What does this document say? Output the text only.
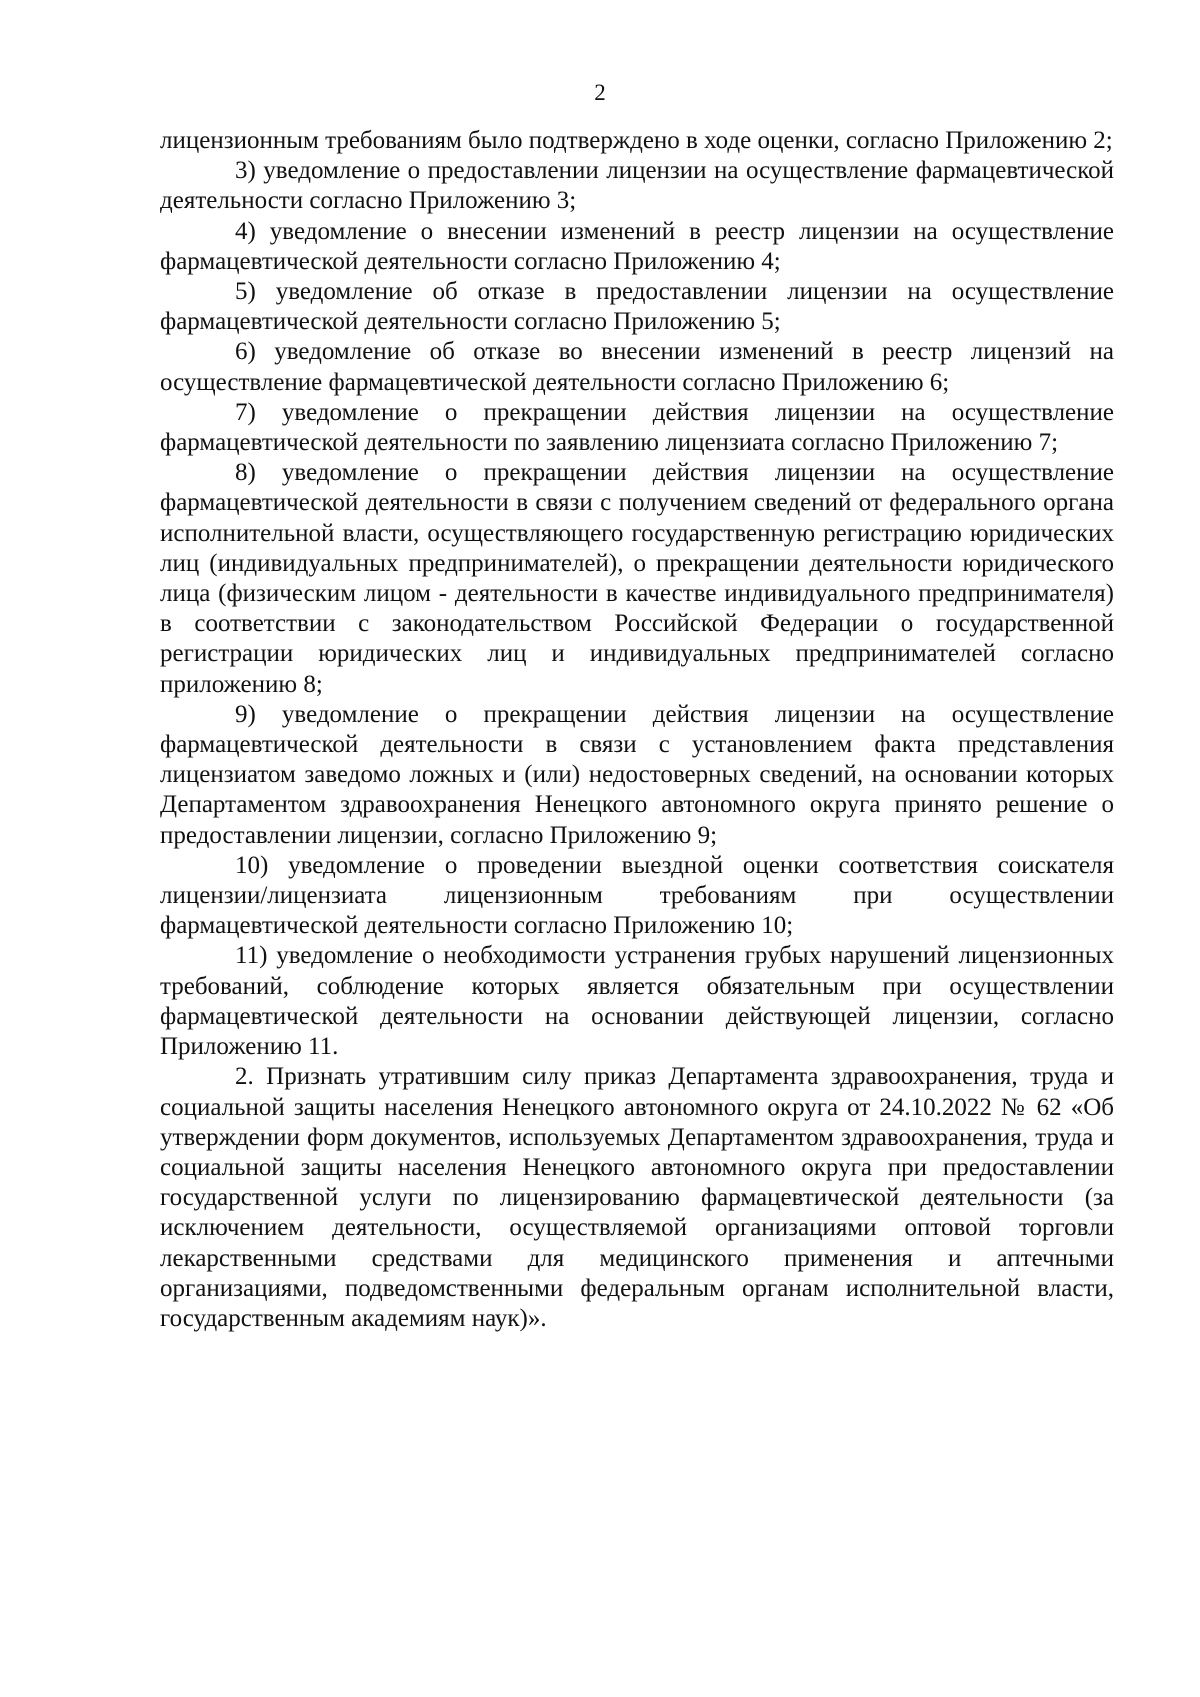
2

лицензионным требованиям было подтверждено в ходе оценки, согласно Приложению 2;

3) уведомление о предоставлении лицензии на осуществление фармацевтической деятельности согласно Приложению 3;

4) уведомление о внесении изменений в реестр лицензии на осуществление фармацевтической деятельности согласно Приложению 4;

5) уведомление об отказе в предоставлении лицензии на осуществление фармацевтической деятельности согласно Приложению 5;

6) уведомление об отказе во внесении изменений в реестр лицензий на осуществление фармацевтической деятельности согласно Приложению 6;

7) уведомление о прекращении действия лицензии на осуществление фармацевтической деятельности по заявлению лицензиата согласно Приложению 7;

8) уведомление о прекращении действия лицензии на осуществление фармацевтической деятельности в связи с получением сведений от федерального органа исполнительной власти, осуществляющего государственную регистрацию юридических лиц (индивидуальных предпринимателей), о прекращении деятельности юридического лица (физическим лицом - деятельности в качестве индивидуального предпринимателя) в соответствии с законодательством Российской Федерации о государственной регистрации юридических лиц и индивидуальных предпринимателей согласно приложению 8;

9) уведомление о прекращении действия лицензии на осуществление фармацевтической деятельности в связи с установлением факта представления лицензиатом заведомо ложных и (или) недостоверных сведений, на основании которых Департаментом здравоохранения Ненецкого автономного округа принято решение о предоставлении лицензии, согласно Приложению 9;

10) уведомление о проведении выездной оценки соответствия соискателя лицензии/лицензиата лицензионным требованиям при осуществлении фармацевтической деятельности согласно Приложению 10;

11) уведомление о необходимости устранения грубых нарушений лицензионных требований, соблюдение которых является обязательным при осуществлении фармацевтической деятельности на основании действующей лицензии, согласно Приложению 11.

2. Признать утратившим силу приказ Департамента здравоохранения, труда и социальной защиты населения Ненецкого автономного округа от 24.10.2022 № 62 «Об утверждении форм документов, используемых Департаментом здравоохранения, труда и социальной защиты населения Ненецкого автономного округа при предоставлении государственной услуги по лицензированию фармацевтической деятельности (за исключением деятельности, осуществляемой организациями оптовой торговли лекарственными средствами для медицинского применения и аптечными организациями, подведомственными федеральным органам исполнительной власти, государственным академиям наук)».
